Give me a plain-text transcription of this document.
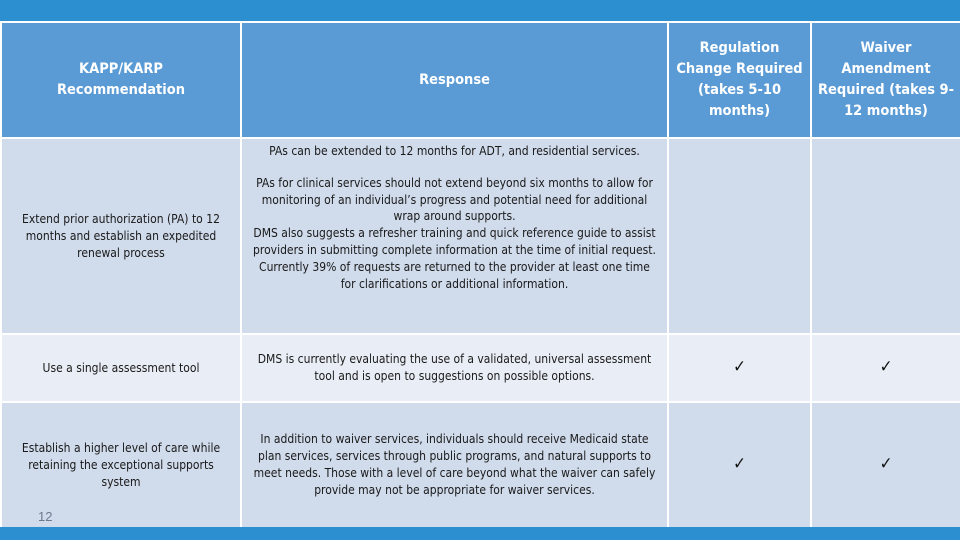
KAPP/KARP Recommendation	Response	Regulation Change Required (takes 5-10 months)	Waiver Amendment Required (takes 9-12 months)
Extend prior authorization (PA) to 12 months and establish an expedited renewal process	PAs can be extended to 12 months for ADT, and residential services.
PAs for clinical services should not extend beyond six months to allow for monitoring of an individual’s progress and potential need for additional wrap around supports.
DMS also suggests a refresher training and quick reference guide to assist providers in submitting complete information at the time of initial request. Currently 39% of requests are returned to the provider at least one time for clarifications or additional information.		

Use a single assessment tool	DMS is currently evaluating the use of a validated, universal assessment tool and is open to suggestions on possible options.	✓	✓
Establish a higher level of care while retaining the exceptional supports system	In addition to waiver services, individuals should receive Medicaid state plan services, services through public programs, and natural supports to meet needs. Those with a level of care beyond what the waiver can safely provide may not be appropriate for waiver services.	✓	✓
12
